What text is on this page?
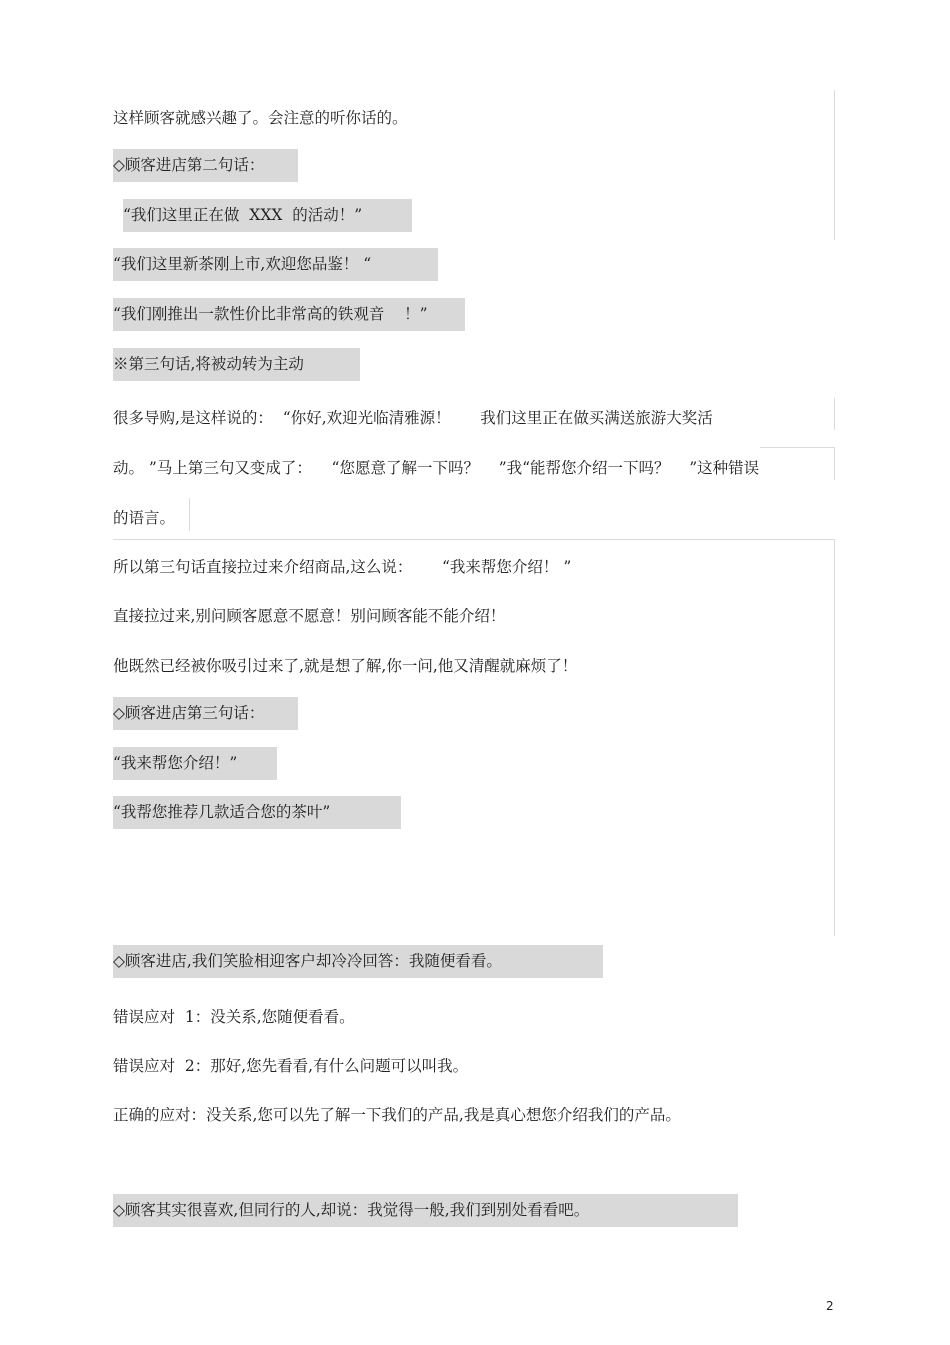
这样顾客就感兴趣了。会注意的听你话的。
◇顾客进店第二句话：
“我们这里正在做  XXX  的活动！”
“我们这里新茶刚上市,欢迎您品鉴！ “
“我们刚推出一款性价比非常高的铁观音    ！”
※第三句话,将被动转为主动
很多导购,是这样说的：  “你好,欢迎光临清雅源！      我们这里正在做买满送旅游大奖活
动。 ”马上第三句又变成了：    “您愿意了解一下吗？    ”我“能帮您介绍一下吗？    ”这种错误
的语言。
所以第三句话直接拉过来介绍商品,这么说：      “我来帮您介绍！ ”
直接拉过来,别问顾客愿意不愿意！别问顾客能不能介绍！
他既然已经被你吸引过来了,就是想了解,你一问,他又清醒就麻烦了！
◇顾客进店第三句话：
“我来帮您介绍！”
“我帮您推荐几款适合您的茶叶”
◇顾客进店,我们笑脸相迎客户却冷冷回答：我随便看看。
错误应对  1：没关系,您随便看看。
错误应对  2：那好,您先看看,有什么问题可以叫我。
正确的应对：没关系,您可以先了解一下我们的产品,我是真心想您介绍我们的产品。
◇顾客其实很喜欢,但同行的人,却说：我觉得一般,我们到别处看看吧。
2
